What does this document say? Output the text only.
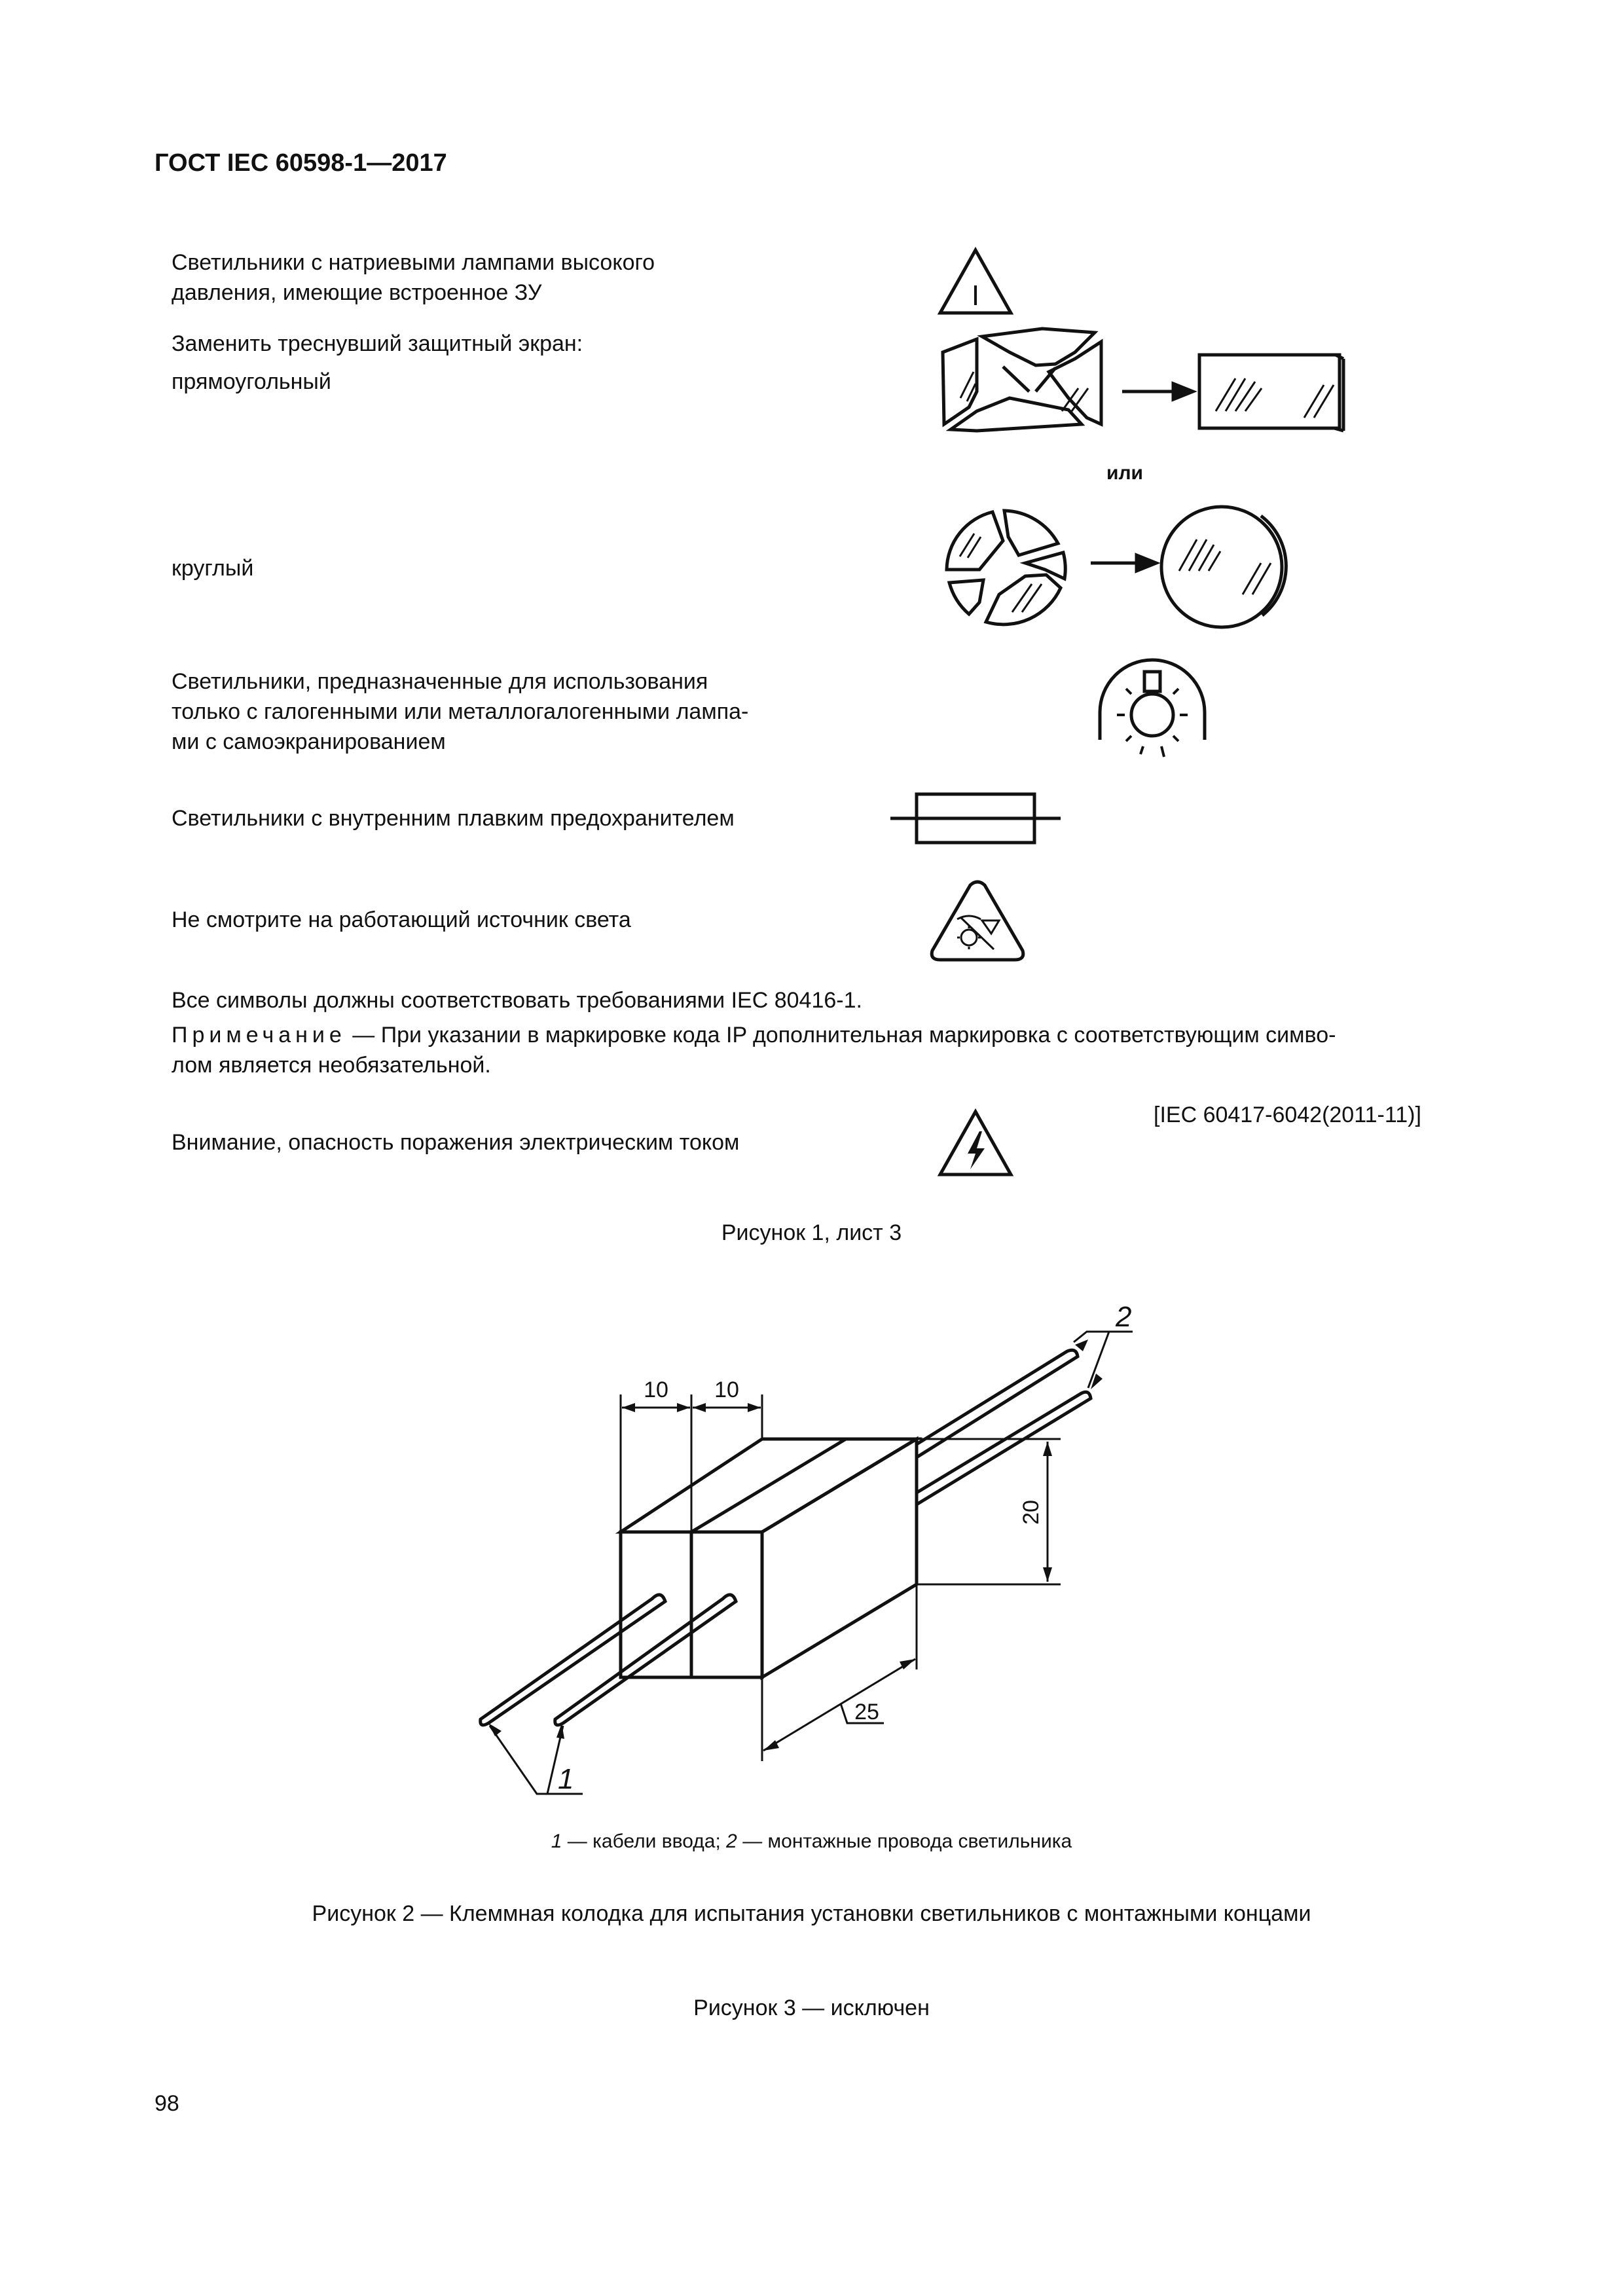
ГОСТ IEC 60598-1—2017
Светильники с натриевыми лампами высокого
давления, имеющие встроенное ЗУ	I
Заменить треснувший защитный экран:
прямоугольный
или
круглый
Светильники, предназначенные для использования
только с галогенными или металлогалогенными лампа-
ми с самоэкранированием
Светильники с внутренним плавким предохранителем
Не смотрите на работающий источник света
Все символы должны соответствовать требованиями IEC 80416-1.
Примечание — При указании в маркировке кода IP дополнительная маркировка с соответствующим симво-
лом является необязательной.
[IEC 60417-6042(2011-11)]
Внимание, опасность поражения электрическим током
Рисунок 1, лист 3
10 10
20
25
1
2
1 — кабели ввода; 2 — монтажные провода светильника
Рисунок 2 — Клеммная колодка для испытания установки светильников с монтажными концами
Рисунок 3 — исключен
98
